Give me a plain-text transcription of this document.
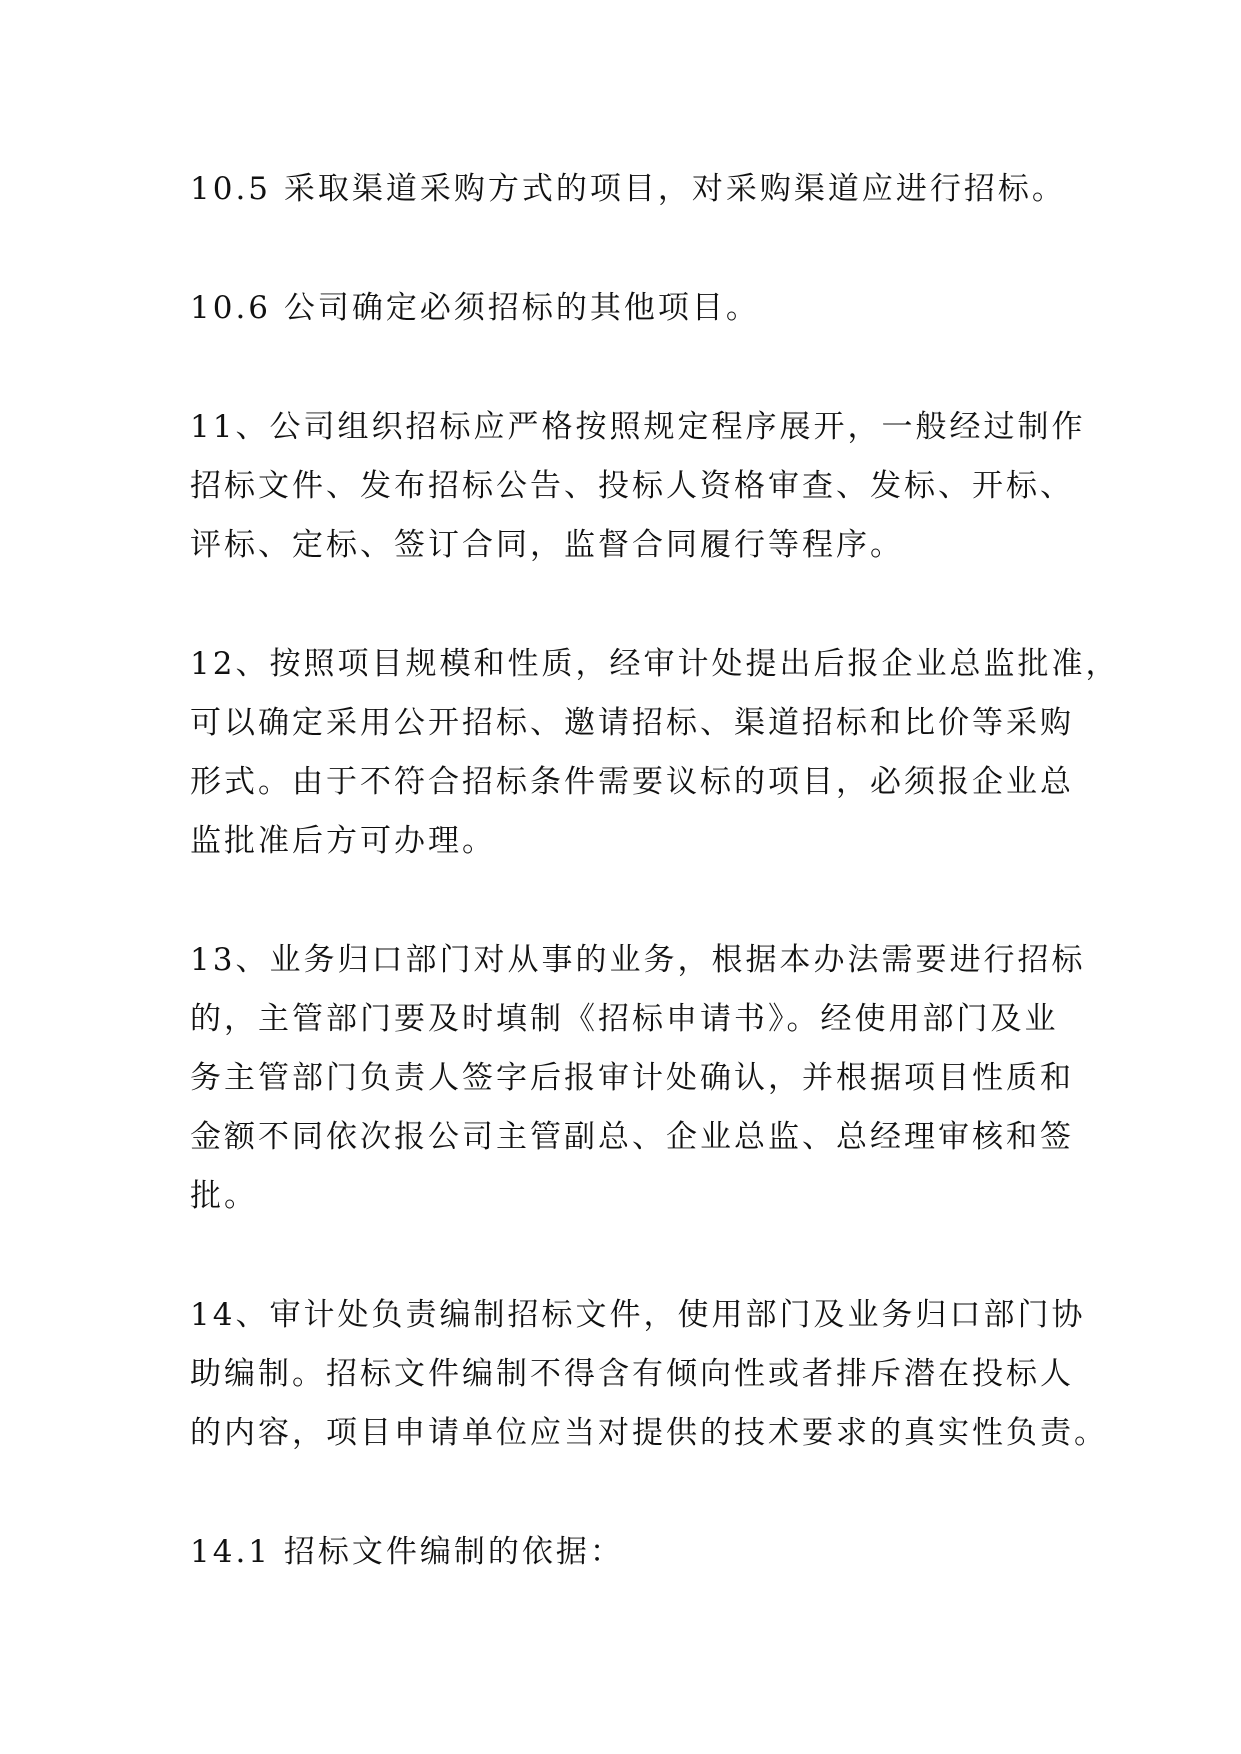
10.5 采取渠道采购方式的项目，对采购渠道应进行招标。

10.6 公司确定必须招标的其他项目。

11、公司组织招标应严格按照规定程序展开，一般经过制作
招标文件、发布招标公告、投标人资格审查、发标、开标、
评标、定标、签订合同，监督合同履行等程序。

12、按照项目规模和性质，经审计处提出后报企业总监批准，
可以确定采用公开招标、邀请招标、渠道招标和比价等采购
形式。由于不符合招标条件需要议标的项目，必须报企业总
监批准后方可办理。

13、业务归口部门对从事的业务，根据本办法需要进行招标
的，主管部门要及时填制《招标申请书》。经使用部门及业
务主管部门负责人签字后报审计处确认，并根据项目性质和
金额不同依次报公司主管副总、企业总监、总经理审核和签
批。

14、审计处负责编制招标文件，使用部门及业务归口部门协
助编制。招标文件编制不得含有倾向性或者排斥潜在投标人
的内容，项目申请单位应当对提供的技术要求的真实性负责。

14.1 招标文件编制的依据：
